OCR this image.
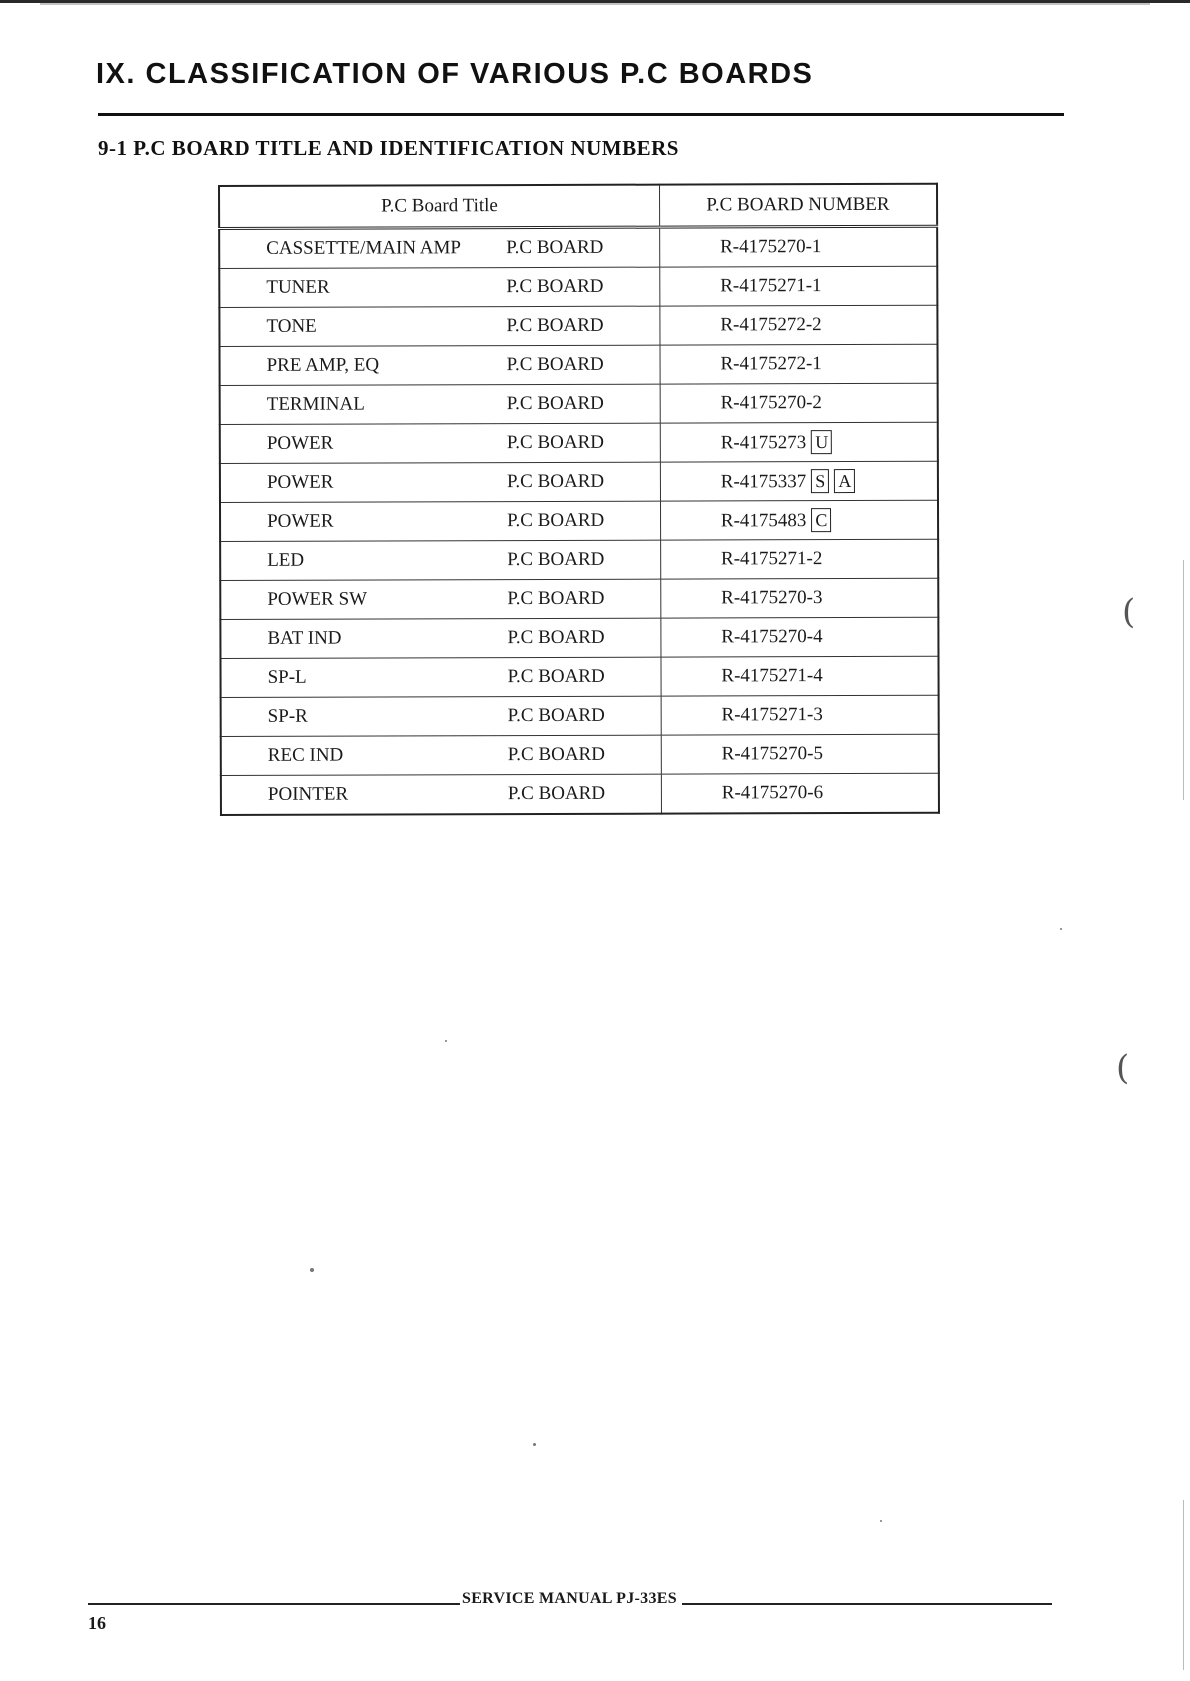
IX. CLASSIFICATION OF VARIOUS P.C BOARDS
9-1 P.C BOARD TITLE AND IDENTIFICATION NUMBERS
P.C Board Title	P.C BOARD NUMBER

CASSETTE/MAIN AMP P.C BOARD	R-4175270-1

TUNER P.C BOARD	R-4175271-1

TONE P.C BOARD	R-4175272-2

PRE AMP, EQ P.C BOARD	R-4175272-1

TERMINAL P.C BOARD	R-4175270-2

POWER P.C BOARD	R-4175273 U

POWER P.C BOARD	R-4175337 S A

POWER P.C BOARD	R-4175483 C

LED P.C BOARD	R-4175271-2

POWER SW P.C BOARD	R-4175270-3

BAT IND P.C BOARD	R-4175270-4

SP-L P.C BOARD	R-4175271-4

SP-R P.C BOARD	R-4175271-3

REC IND P.C BOARD	R-4175270-5

POINTER P.C BOARD	R-4175270-6
SERVICE MANUAL PJ-33ES
16
(
(
